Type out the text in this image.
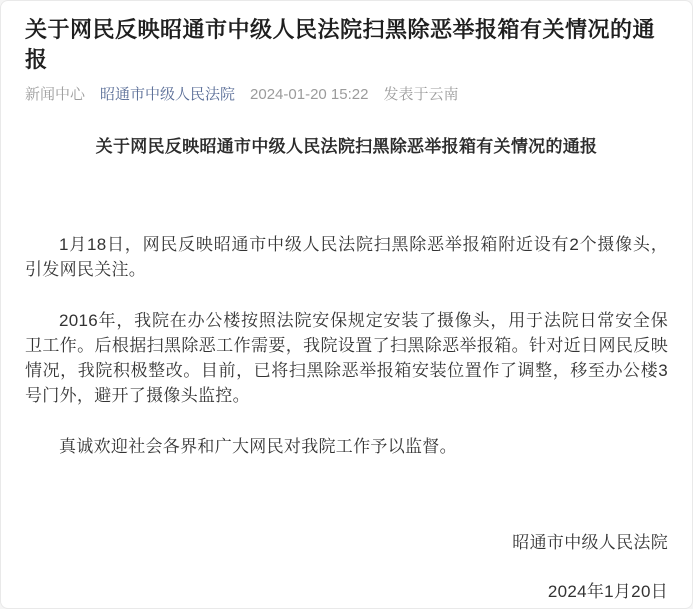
关于网民反映昭通市中级人民法院扫黑除恶举报箱有关情况的通报
新闻中心 昭通市中级人民法院 2024-01-20 15:22 发表于云南
关于网民反映昭通市中级人民法院扫黑除恶举报箱有关情况的通报

1月18日，网民反映昭通市中级人民法院扫黑除恶举报箱附近设有2个摄像头，引发网民关注。

2016年，我院在办公楼按照法院安保规定安装了摄像头，用于法院日常安全保卫工作。后根据扫黑除恶工作需要，我院设置了扫黑除恶举报箱。针对近日网民反映情况，我院积极整改。目前，已将扫黑除恶举报箱安装位置作了调整，移至办公楼3号门外，避开了摄像头监控。

真诚欢迎社会各界和广大网民对我院工作予以监督。

昭通市中级人民法院

2024年1月20日
